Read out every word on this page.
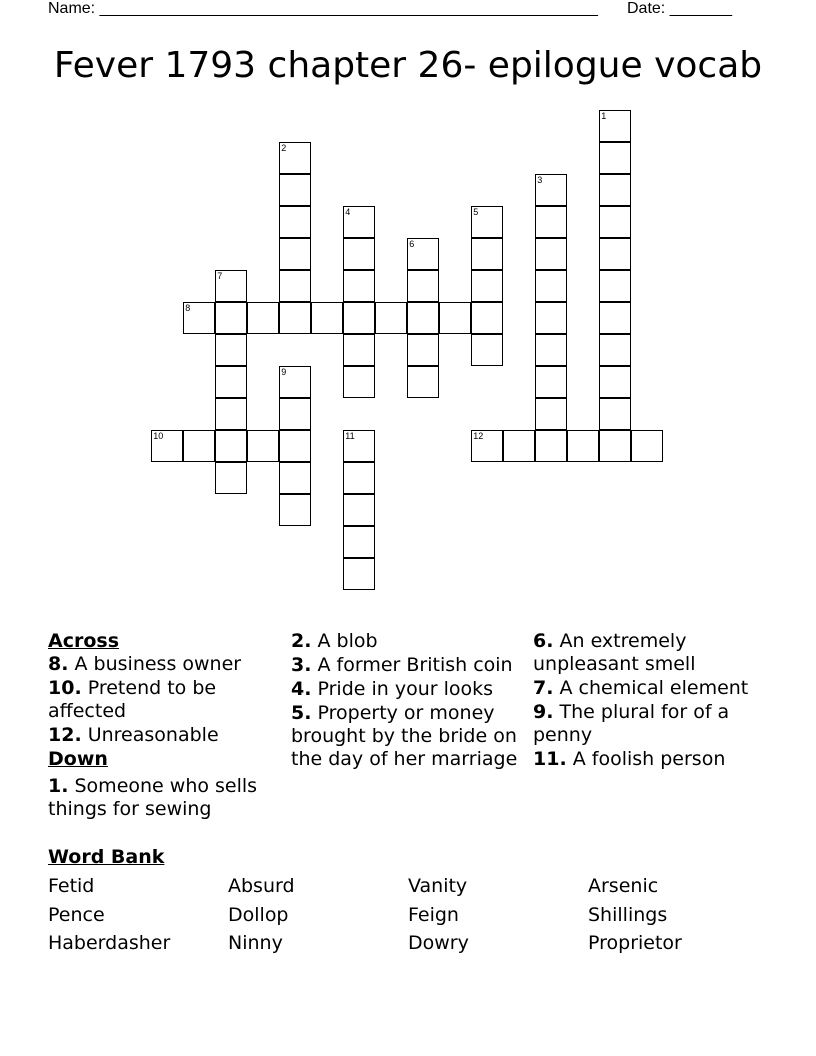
Name: ________________________________________________________ Date: _______
Fever 1793 chapter 26- epilogue vocab
1
2
3
4	5
6
7
8
9
10	11	12
Across
8. A business owner
10. Pretend to be affected
12. Unreasonable
Down
1. Someone who sells things for sewing
2. A blob
3. A former British coin
4. Pride in your looks
5. Property or money brought by the bride on the day of her marriage
6. An extremely unpleasant smell
7. A chemical element
9. The plural for of a penny
11. A foolish person
Word Bank
Fetid	Absurd	Vanity	Arsenic
Pence	Dollop	Feign	Shillings
Haberdasher	Ninny	Dowry	Proprietor
